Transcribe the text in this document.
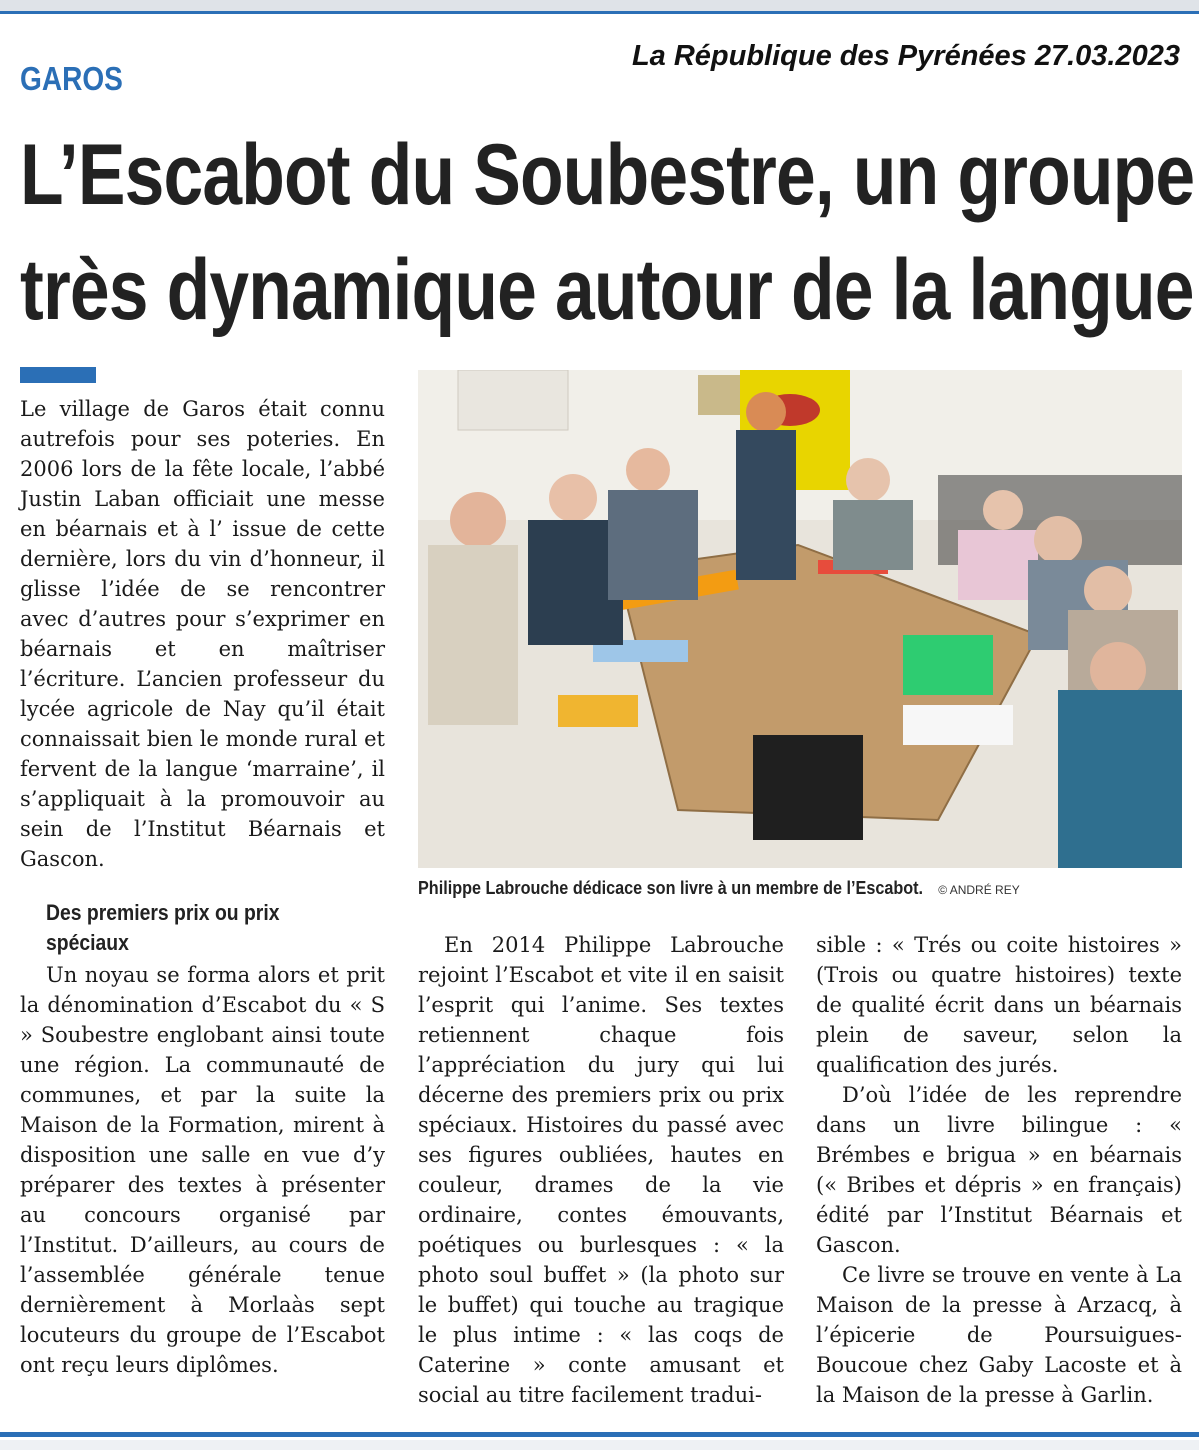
La République des Pyrénées 27.03.2023
GAROS
L’Escabot du Soubestre, un groupe
très dynamique autour de la langue

Le village de Garos était connu autrefois pour ses poteries. En 2006 lors de la fête locale, l’abbé Justin Laban officiait une messe en béarnais et à l’ issue de cette dernière, lors du vin d’honneur, il glisse l’idée de se rencontrer avec d’autres pour s’exprimer en béarnais et en maîtriser l’écriture. L’ancien professeur du lycée agricole de Nay qu’il était connaissait bien le monde rural et fervent de la langue ‘marraine’, il s’appliquait à la promouvoir au sein de l’Institut Béarnais et Gascon.

Des premiers prix ou prix spéciaux

Un noyau se forma alors et prit la dénomination d’Escabot du « S » Soubestre englobant ainsi toute une région. La communauté de communes, et par la suite la Maison de la Formation, mirent à disposition une salle en vue d’y préparer des textes à présenter au concours organisé par l’Institut. D’ailleurs, au cours de l’assemblée générale tenue dernièrement à Morlaàs sept locuteurs du groupe de l’Escabot ont reçu leurs diplômes.

Philippe Labrouche dédicace son livre à un membre de l’Escabot. © ANDRÉ REY

En 2014 Philippe Labrouche rejoint l’Escabot et vite il en saisit l’esprit qui l’anime. Ses textes retiennent chaque fois l’appréciation du jury qui lui décerne des premiers prix ou prix spéciaux. Histoires du passé avec ses figures oubliées, hautes en couleur, drames de la vie ordinaire, contes émouvants, poétiques ou burlesques : « la photo soul buffet » (la photo sur le buffet) qui touche au tragique le plus intime : « las coqs de Caterine » conte amusant et social au titre facilement tradui-

sible : « Trés ou coite histoires » (Trois ou quatre histoires) texte de qualité écrit dans un béarnais plein de saveur, selon la qualification des jurés.

D’où l’idée de les reprendre dans un livre bilingue : « Brémbes e brigua » en béarnais (« Bribes et dépris » en français) édité par l’Institut Béarnais et Gascon.

Ce livre se trouve en vente à La Maison de la presse à Arzacq, à l’épicerie de Poursuigues-Boucoue chez Gaby Lacoste et à la Maison de la presse à Garlin.
